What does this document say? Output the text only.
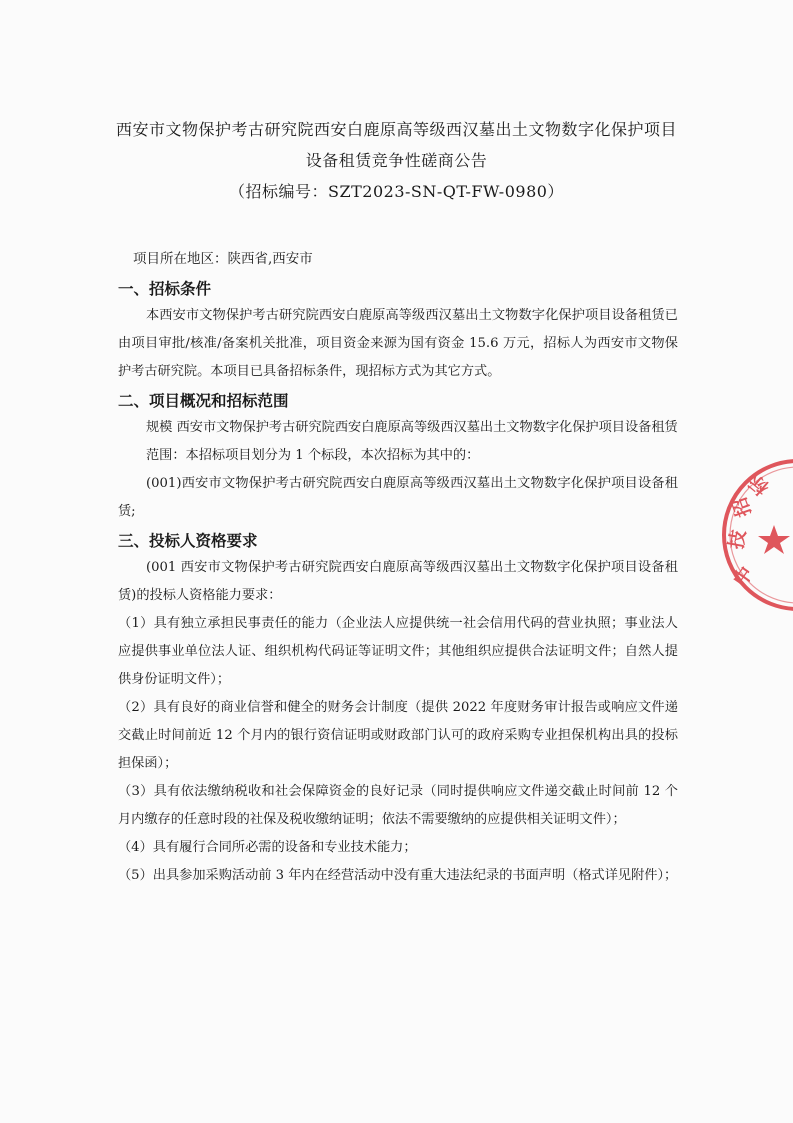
西安市文物保护考古研究院西安白鹿原高等级西汉墓出土文物数字化保护项目
设备租赁竞争性磋商公告
（招标编号：SZT2023-SN-QT-FW-0980）
项目所在地区：陕西省,西安市
一、招标条件

本西安市文物保护考古研究院西安白鹿原高等级西汉墓出土文物数字化保护项目设备租赁已由项目审批/核准/备案机关批准，项目资金来源为国有资金 15.6 万元，招标人为西安市文物保护考古研究院。本项目已具备招标条件，现招标方式为其它方式。

二、项目概况和招标范围

规模 西安市文物保护考古研究院西安白鹿原高等级西汉墓出土文物数字化保护项目设备租赁

范围：本招标项目划分为 1 个标段，本次招标为其中的：

(001)西安市文物保护考古研究院西安白鹿原高等级西汉墓出土文物数字化保护项目设备租赁;

三、投标人资格要求

(001 西安市文物保护考古研究院西安白鹿原高等级西汉墓出土文物数字化保护项目设备租赁)的投标人资格能力要求：

（1）具有独立承担民事责任的能力（企业法人应提供统一社会信用代码的营业执照；事业法人应提供事业单位法人证、组织机构代码证等证明文件；其他组织应提供合法证明文件；自然人提供身份证明文件）；

（2）具有良好的商业信誉和健全的财务会计制度（提供 2022 年度财务审计报告或响应文件递交截止时间前近 12 个月内的银行资信证明或财政部门认可的政府采购专业担保机构出具的投标担保函）；

（3）具有依法缴纳税收和社会保障资金的良好记录（同时提供响应文件递交截止时间前 12 个月内缴存的任意时段的社保及税收缴纳证明；依法不需要缴纳的应提供相关证明文件）；

（4）具有履行合同所必需的设备和专业技术能力；

（5）出具参加采购活动前 3 年内在经营活动中没有重大违法纪录的书面声明（格式详见附件）；

中
技
招
标
